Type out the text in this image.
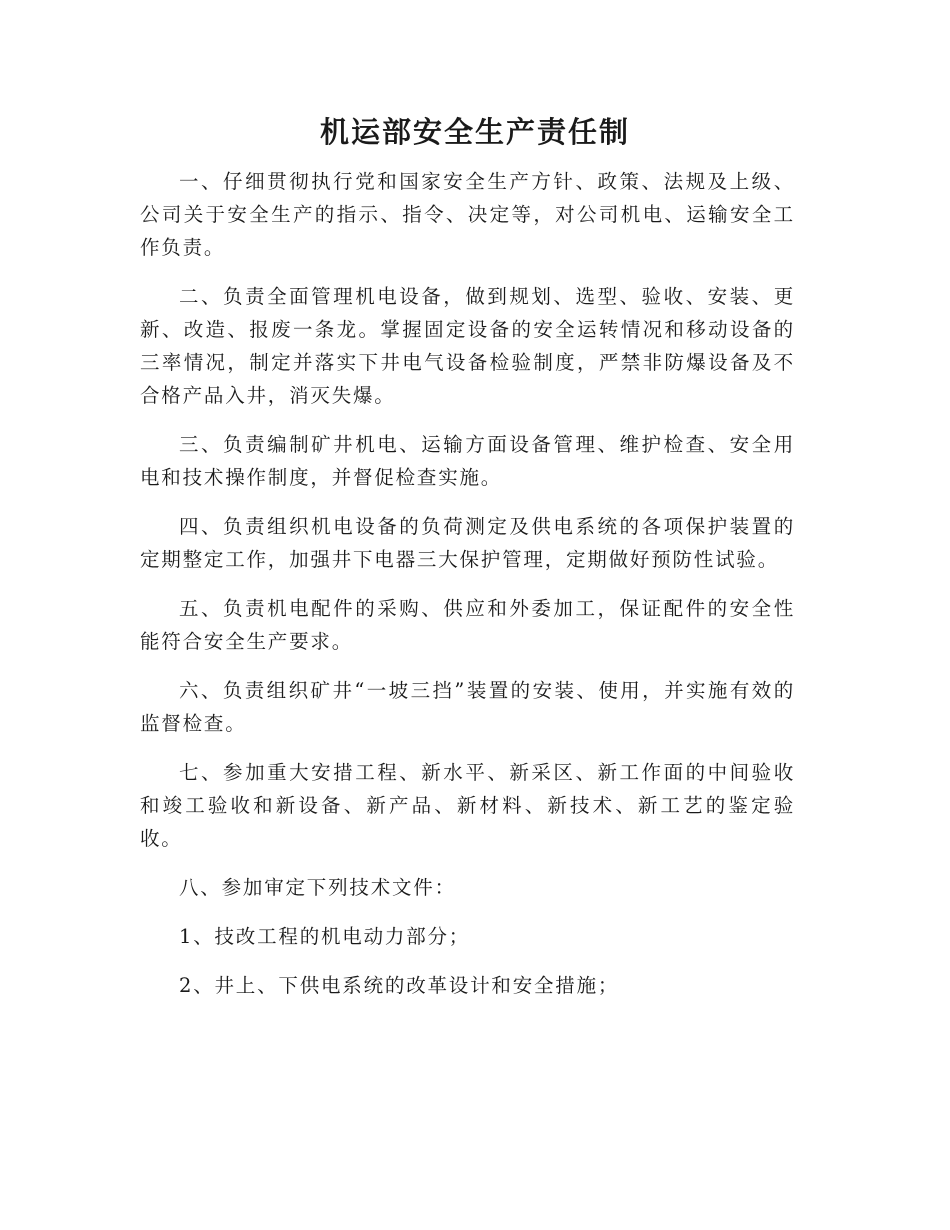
机运部安全生产责任制

一、仔细贯彻执行党和国家安全生产方针、政策、法规及上级、公司关于安全生产的指示、指令、决定等，对公司机电、运输安全工作负责。

二、负责全面管理机电设备，做到规划、选型、验收、安装、更新、改造、报废一条龙。掌握固定设备的安全运转情况和移动设备的三率情况，制定并落实下井电气设备检验制度，严禁非防爆设备及不合格产品入井，消灭失爆。

三、负责编制矿井机电、运输方面设备管理、维护检查、安全用电和技术操作制度，并督促检查实施。

四、负责组织机电设备的负荷测定及供电系统的各项保护装置的定期整定工作，加强井下电器三大保护管理，定期做好预防性试验。

五、负责机电配件的采购、供应和外委加工，保证配件的安全性能符合安全生产要求。

六、负责组织矿井“一坡三挡”装置的安装、使用，并实施有效的监督检查。

七、参加重大安措工程、新水平、新采区、新工作面的中间验收和竣工验收和新设备、新产品、新材料、新技术、新工艺的鉴定验收。

八、参加审定下列技术文件：

1、技改工程的机电动力部分；

2、井上、下供电系统的改革设计和安全措施；
